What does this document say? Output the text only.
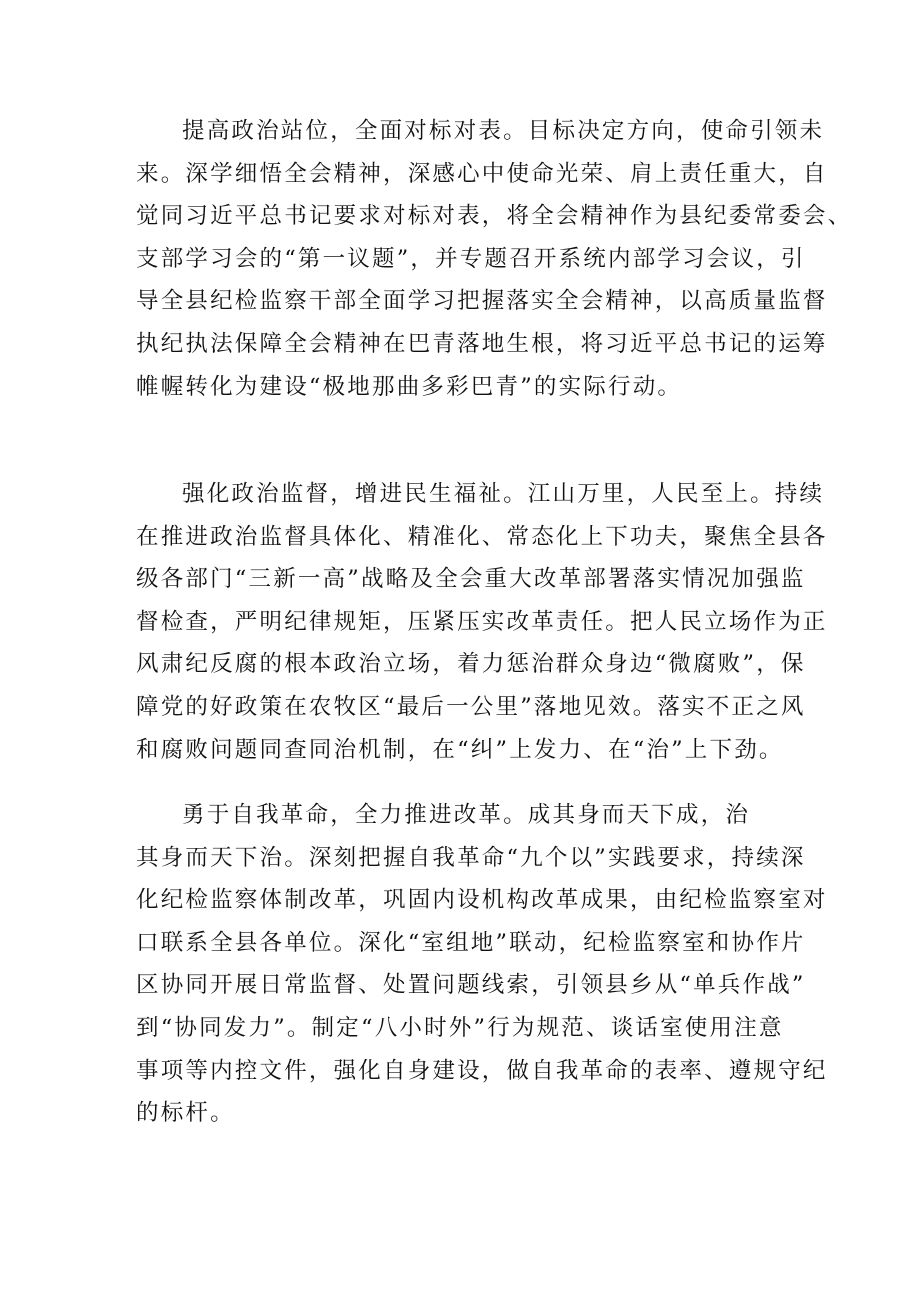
提高政治站位，全面对标对表。目标决定方向，使命引领未
来。深学细悟全会精神，深感心中使命光荣、肩上责任重大，自
觉同习近平总书记要求对标对表，将全会精神作为县纪委常委会、
支部学习会的“第一议题”，并专题召开系统内部学习会议，引
导全县纪检监察干部全面学习把握落实全会精神，以高质量监督
执纪执法保障全会精神在巴青落地生根，将习近平总书记的运筹
帷幄转化为建设“极地那曲多彩巴青”的实际行动。
强化政治监督，增进民生福祉。江山万里，人民至上。持续
在推进政治监督具体化、精准化、常态化上下功夫，聚焦全县各
级各部门“三新一高”战略及全会重大改革部署落实情况加强监
督检查，严明纪律规矩，压紧压实改革责任。把人民立场作为正
风肃纪反腐的根本政治立场，着力惩治群众身边“微腐败”，保
障党的好政策在农牧区“最后一公里”落地见效。落实不正之风
和腐败问题同查同治机制，在“纠”上发力、在“治”上下劲。
勇于自我革命，全力推进改革。成其身而天下成，治
其身而天下治。深刻把握自我革命“九个以”实践要求，持续深
化纪检监察体制改革，巩固内设机构改革成果，由纪检监察室对
口联系全县各单位。深化“室组地”联动，纪检监察室和协作片
区协同开展日常监督、处置问题线索，引领县乡从“单兵作战”
到“协同发力”。制定“八小时外”行为规范、谈话室使用注意
事项等内控文件，强化自身建设，做自我革命的表率、遵规守纪
的标杆。
